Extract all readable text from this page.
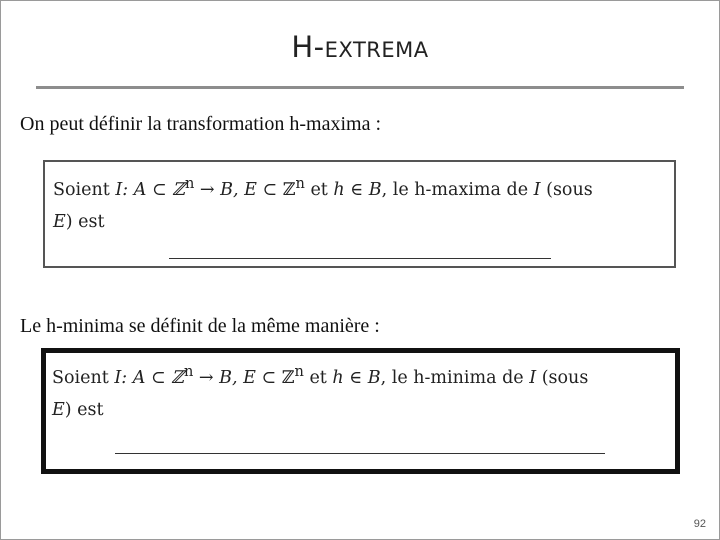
H-EXTREMA
On peut définir la transformation h-maxima :
Soient I: A ⊂ ℤ$^n$ → B, E ⊂ ℤ$^n$ et h ∈ B, le h-maxima de I (sous
E) est
Le h-minima se définit de la même manière :
Soient I: A ⊂ ℤ$^n$ → B, E ⊂ ℤ$^n$ et h ∈ B, le h-minima de I (sous
E) est
92
